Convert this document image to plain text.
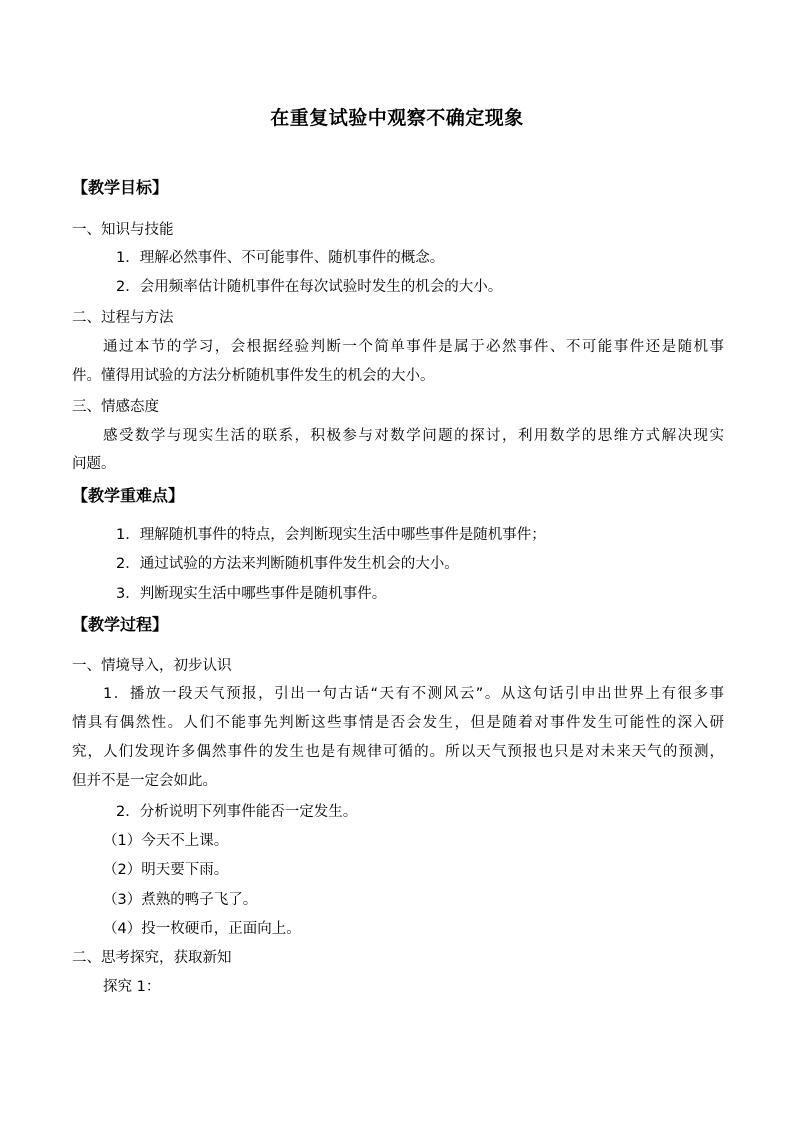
在重复试验中观察不确定现象
【教学目标】
一、知识与技能
1．理解必然事件、不可能事件、随机事件的概念。
2．会用频率估计随机事件在每次试验时发生的机会的大小。
二、过程与方法
通过本节的学习，会根据经验判断一个简单事件是属于必然事件、不可能事件还是随机事
件。懂得用试验的方法分析随机事件发生的机会的大小。
三、情感态度
感受数学与现实生活的联系，积极参与对数学问题的探讨，利用数学的思维方式解决现实
问题。
【教学重难点】
1．理解随机事件的特点，会判断现实生活中哪些事件是随机事件；
2．通过试验的方法来判断随机事件发生机会的大小。
3．判断现实生活中哪些事件是随机事件。
【教学过程】
一、情境导入，初步认识
1．播放一段天气预报，引出一句古话“天有不测风云”。从这句话引申出世界上有很多事
情具有偶然性。人们不能事先判断这些事情是否会发生，但是随着对事件发生可能性的深入研
究，人们发现许多偶然事件的发生也是有规律可循的。所以天气预报也只是对未来天气的预测，
但并不是一定会如此。
2．分析说明下列事件能否一定发生。
（1）今天不上课。
（2）明天要下雨。
（3）煮熟的鸭子飞了。
（4）投一枚硬币，正面向上。
二、思考探究，获取新知
探究 1：
